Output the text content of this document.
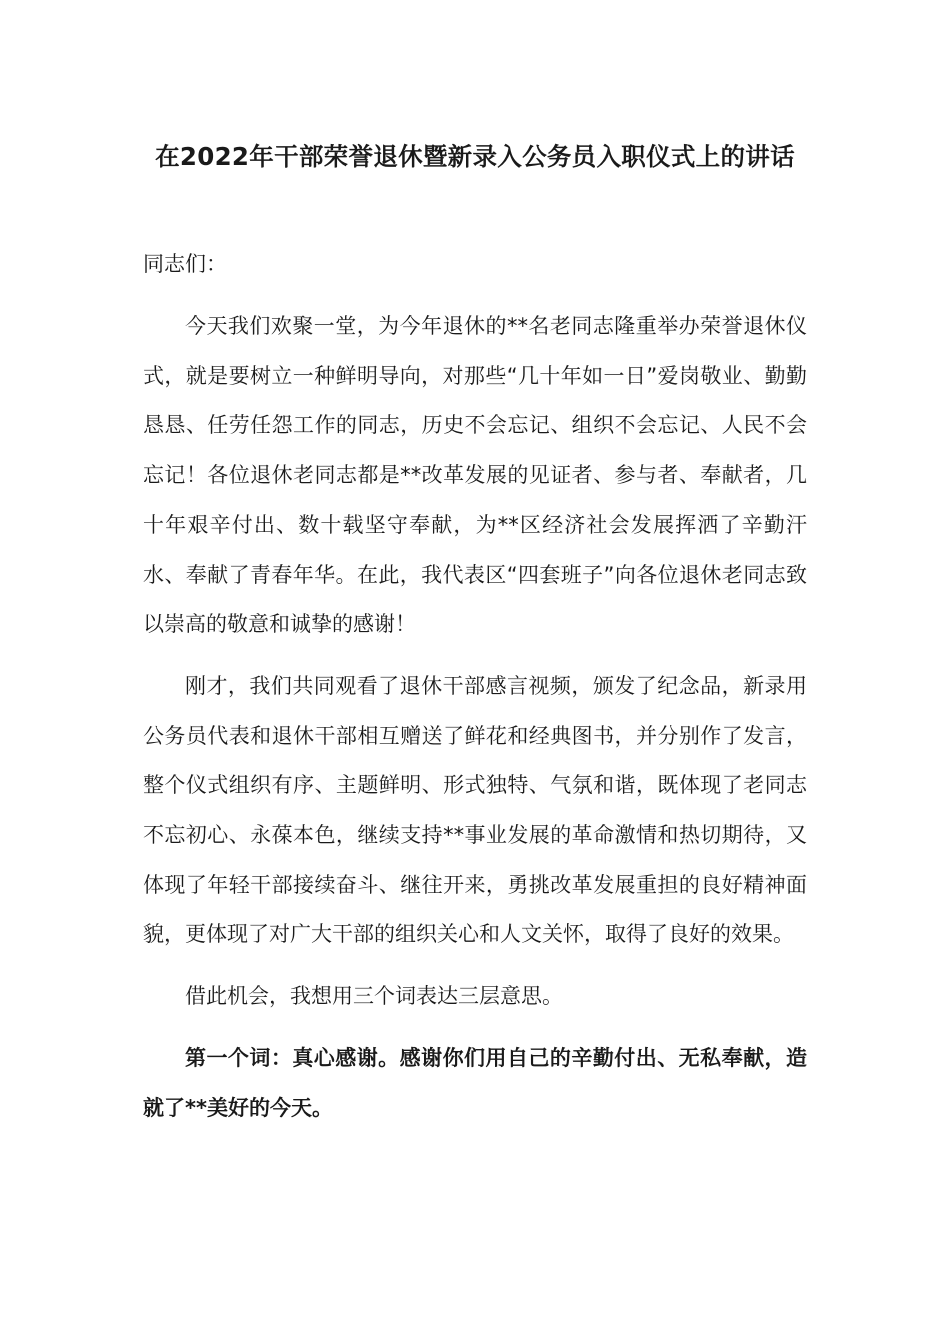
在2022年干部荣誉退休暨新录入公务员入职仪式上的讲话
同志们：

今天我们欢聚一堂，为今年退休的**名老同志隆重举办荣誉退休仪式，就是要树立一种鲜明导向，对那些“几十年如一日”爱岗敬业、勤勤恳恳、任劳任怨工作的同志，历史不会忘记、组织不会忘记、人民不会忘记！各位退休老同志都是**改革发展的见证者、参与者、奉献者，几十年艰辛付出、数十载坚守奉献，为**区经济社会发展挥洒了辛勤汗水、奉献了青春年华。在此，我代表区“四套班子”向各位退休老同志致以崇高的敬意和诚挚的感谢！

刚才，我们共同观看了退休干部感言视频，颁发了纪念品，新录用公务员代表和退休干部相互赠送了鲜花和经典图书，并分别作了发言，整个仪式组织有序、主题鲜明、形式独特、气氛和谐，既体现了老同志不忘初心、永葆本色，继续支持**事业发展的革命激情和热切期待，又体现了年轻干部接续奋斗、继往开来，勇挑改革发展重担的良好精神面貌，更体现了对广大干部的组织关心和人文关怀，取得了良好的效果。

借此机会，我想用三个词表达三层意思。

第一个词：真心感谢。感谢你们用自己的辛勤付出、无私奉献，造就了**美好的今天。
